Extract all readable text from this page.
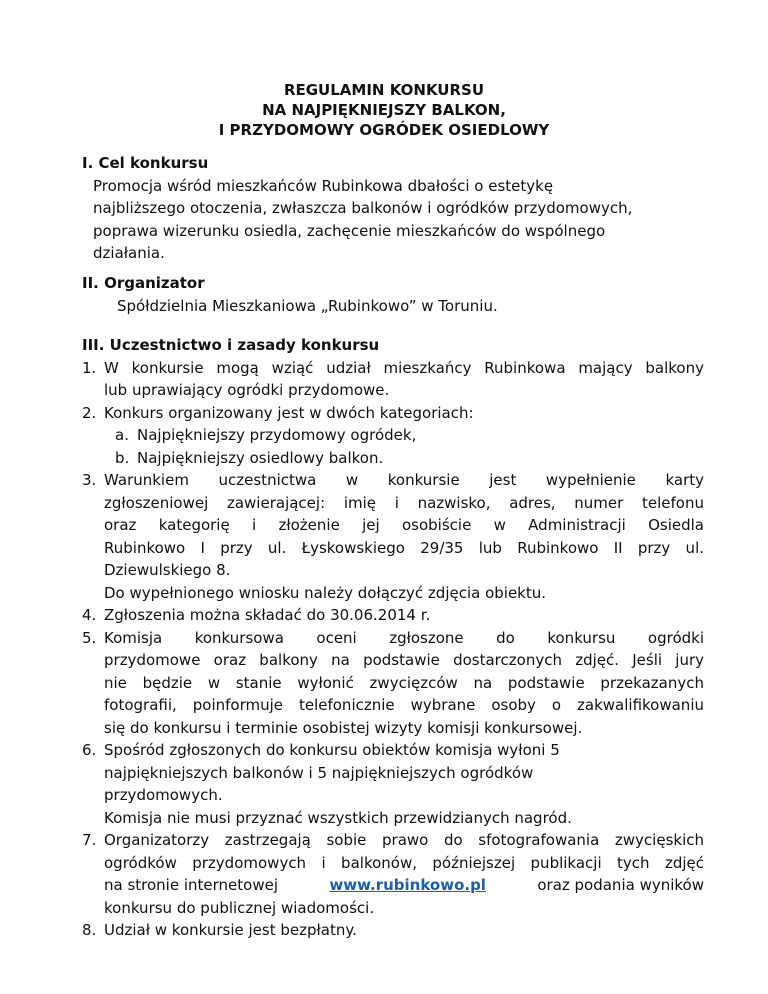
REGULAMIN KONKURSU
NA NAJPIĘKNIEJSZY BALKON,
I PRZYDOMOWY OGRÓDEK OSIEDLOWY

I. Cel konkursu

Promocja wśród mieszkańców Rubinkowa dbałości o estetykę
najbliższego otoczenia, zwłaszcza balkonów i ogródków przydomowych,
poprawa wizerunku osiedla, zachęcenie mieszkańców do wspólnego
działania.

II. Organizator

Spółdzielnia Mieszkaniowa „Rubinkowo” w Toruniu.

III. Uczestnictwo i zasady konkursu

1. W konkursie mogą wziąć udział mieszkańcy Rubinkowa mający balkony
lub uprawiający ogródki przydomowe.
2. Konkurs organizowany jest w dwóch kategoriach:
a. Najpiękniejszy przydomowy ogródek,
b. Najpiękniejszy osiedlowy balkon.
3. Warunkiem uczestnictwa w konkursie jest wypełnienie karty
zgłoszeniowej zawierającej: imię i nazwisko, adres, numer telefonu
oraz kategorię i złożenie jej osobiście w Administracji Osiedla
Rubinkowo I przy ul. Łyskowskiego 29/35 lub Rubinkowo II przy ul.
Dziewulskiego 8.
Do wypełnionego wniosku należy dołączyć zdjęcia obiektu.
4. Zgłoszenia można składać do 30.06.2014 r.
5. Komisja konkursowa oceni zgłoszone do konkursu ogródki
przydomowe oraz balkony na podstawie dostarczonych zdjęć. Jeśli jury
nie będzie w stanie wyłonić zwycięzców na podstawie przekazanych
fotografii, poinformuje telefonicznie wybrane osoby o zakwalifikowaniu
się do konkursu i terminie osobistej wizyty komisji konkursowej.
6. Spośród zgłoszonych do konkursu obiektów komisja wyłoni 5
najpiękniejszych balkonów i 5 najpiękniejszych ogródków
przydomowych.
Komisja nie musi przyznać wszystkich przewidzianych nagród.
7. Organizatorzy zastrzegają sobie prawo do sfotografowania zwycięskich
ogródków przydomowych i balkonów, późniejszej publikacji tych zdjęć
na stronie internetowej	www.rubinkowo.pl	oraz podania wyników
konkursu do publicznej wiadomości.
8. Udział w konkursie jest bezpłatny.
